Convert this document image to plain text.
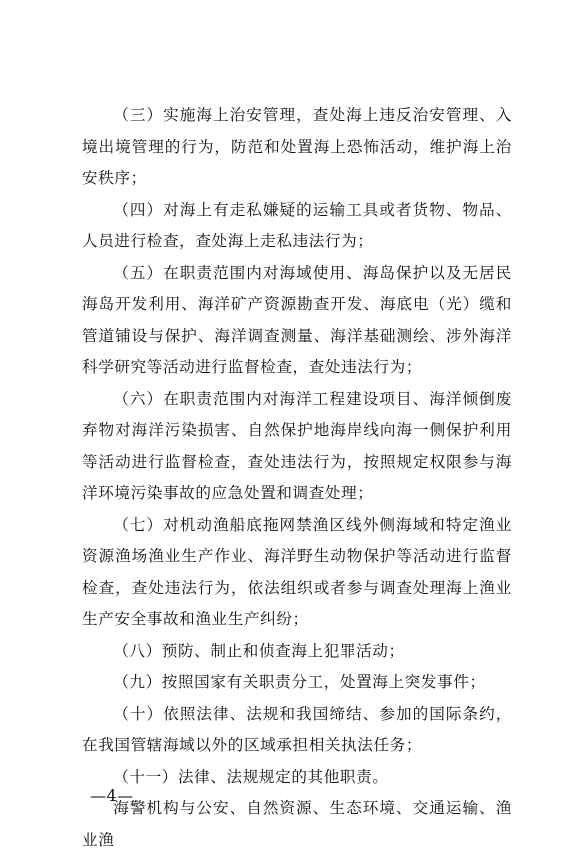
（三）实施海上治安管理，查处海上违反治安管理、入境出境管理的行为，防范和处置海上恐怖活动，维护海上治安秩序；

（四）对海上有走私嫌疑的运输工具或者货物、物品、人员进行检查，查处海上走私违法行为；

（五）在职责范围内对海域使用、海岛保护以及无居民海岛开发利用、海洋矿产资源勘查开发、海底电（光）缆和管道铺设与保护、海洋调查测量、海洋基础测绘、涉外海洋科学研究等活动进行监督检查，查处违法行为；

（六）在职责范围内对海洋工程建设项目、海洋倾倒废弃物对海洋污染损害、自然保护地海岸线向海一侧保护利用等活动进行监督检查，查处违法行为，按照规定权限参与海洋环境污染事故的应急处置和调查处理；

（七）对机动渔船底拖网禁渔区线外侧海域和特定渔业资源渔场渔业生产作业、海洋野生动物保护等活动进行监督检查，查处违法行为，依法组织或者参与调查处理海上渔业生产安全事故和渔业生产纠纷；

（八）预防、制止和侦查海上犯罪活动；

（九）按照国家有关职责分工，处置海上突发事件；

（十）依照法律、法规和我国缔结、参加的国际条约，在我国管辖海域以外的区域承担相关执法任务；

（十一）法律、法规规定的其他职责。

海警机构与公安、自然资源、生态环境、交通运输、渔业渔

—4—
